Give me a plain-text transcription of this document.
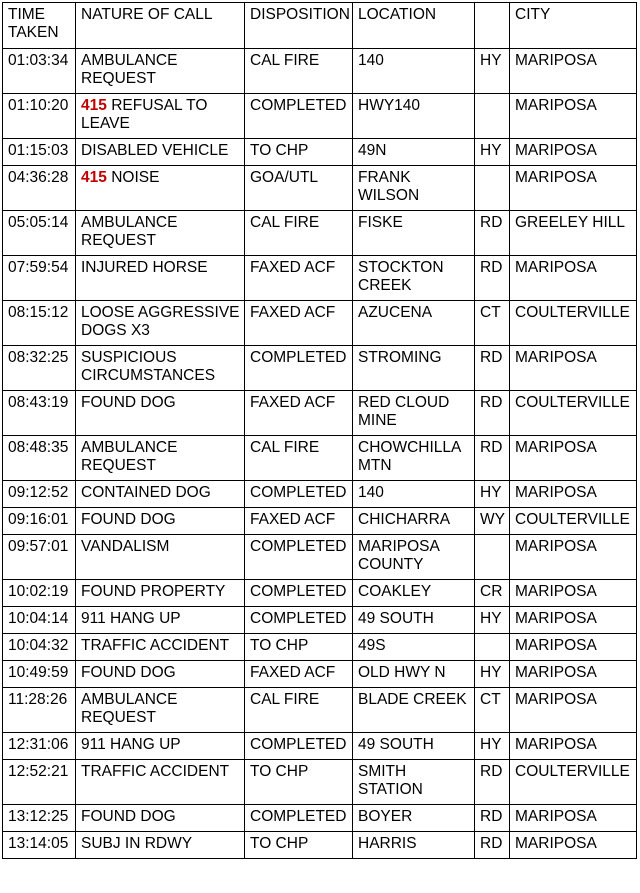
TIME TAKEN	NATURE OF CALL	DISPOSITION	LOCATION		CITY
01:03:34	AMBULANCE REQUEST	CAL FIRE	140	HY	MARIPOSA
01:10:20	415 REFUSAL TO LEAVE	COMPLETED	HWY140		MARIPOSA
01:15:03	DISABLED VEHICLE	TO CHP	49N	HY	MARIPOSA
04:36:28	415 NOISE	GOA/UTL	FRANK WILSON		MARIPOSA
05:05:14	AMBULANCE REQUEST	CAL FIRE	FISKE	RD	GREELEY HILL
07:59:54	INJURED HORSE	FAXED ACF	STOCKTON CREEK	RD	MARIPOSA
08:15:12	LOOSE AGGRESSIVE DOGS X3	FAXED ACF	AZUCENA	CT	COULTERVILLE
08:32:25	SUSPICIOUS CIRCUMSTANCES	COMPLETED	STROMING	RD	MARIPOSA
08:43:19	FOUND DOG	FAXED ACF	RED CLOUD MINE	RD	COULTERVILLE
08:48:35	AMBULANCE REQUEST	CAL FIRE	CHOWCHILLA MTN	RD	MARIPOSA
09:12:52	CONTAINED DOG	COMPLETED	140	HY	MARIPOSA
09:16:01	FOUND DOG	FAXED ACF	CHICHARRA	WY	COULTERVILLE
09:57:01	VANDALISM	COMPLETED	MARIPOSA COUNTY		MARIPOSA
10:02:19	FOUND PROPERTY	COMPLETED	COAKLEY	CR	MARIPOSA
10:04:14	911 HANG UP	COMPLETED	49 SOUTH	HY	MARIPOSA
10:04:32	TRAFFIC ACCIDENT	TO CHP	49S		MARIPOSA
10:49:59	FOUND DOG	FAXED ACF	OLD HWY N	HY	MARIPOSA
11:28:26	AMBULANCE REQUEST	CAL FIRE	BLADE CREEK	CT	MARIPOSA
12:31:06	911 HANG UP	COMPLETED	49 SOUTH	HY	MARIPOSA
12:52:21	TRAFFIC ACCIDENT	TO CHP	SMITH STATION	RD	COULTERVILLE
13:12:25	FOUND DOG	COMPLETED	BOYER	RD	MARIPOSA
13:14:05	SUBJ IN RDWY	TO CHP	HARRIS	RD	MARIPOSA
